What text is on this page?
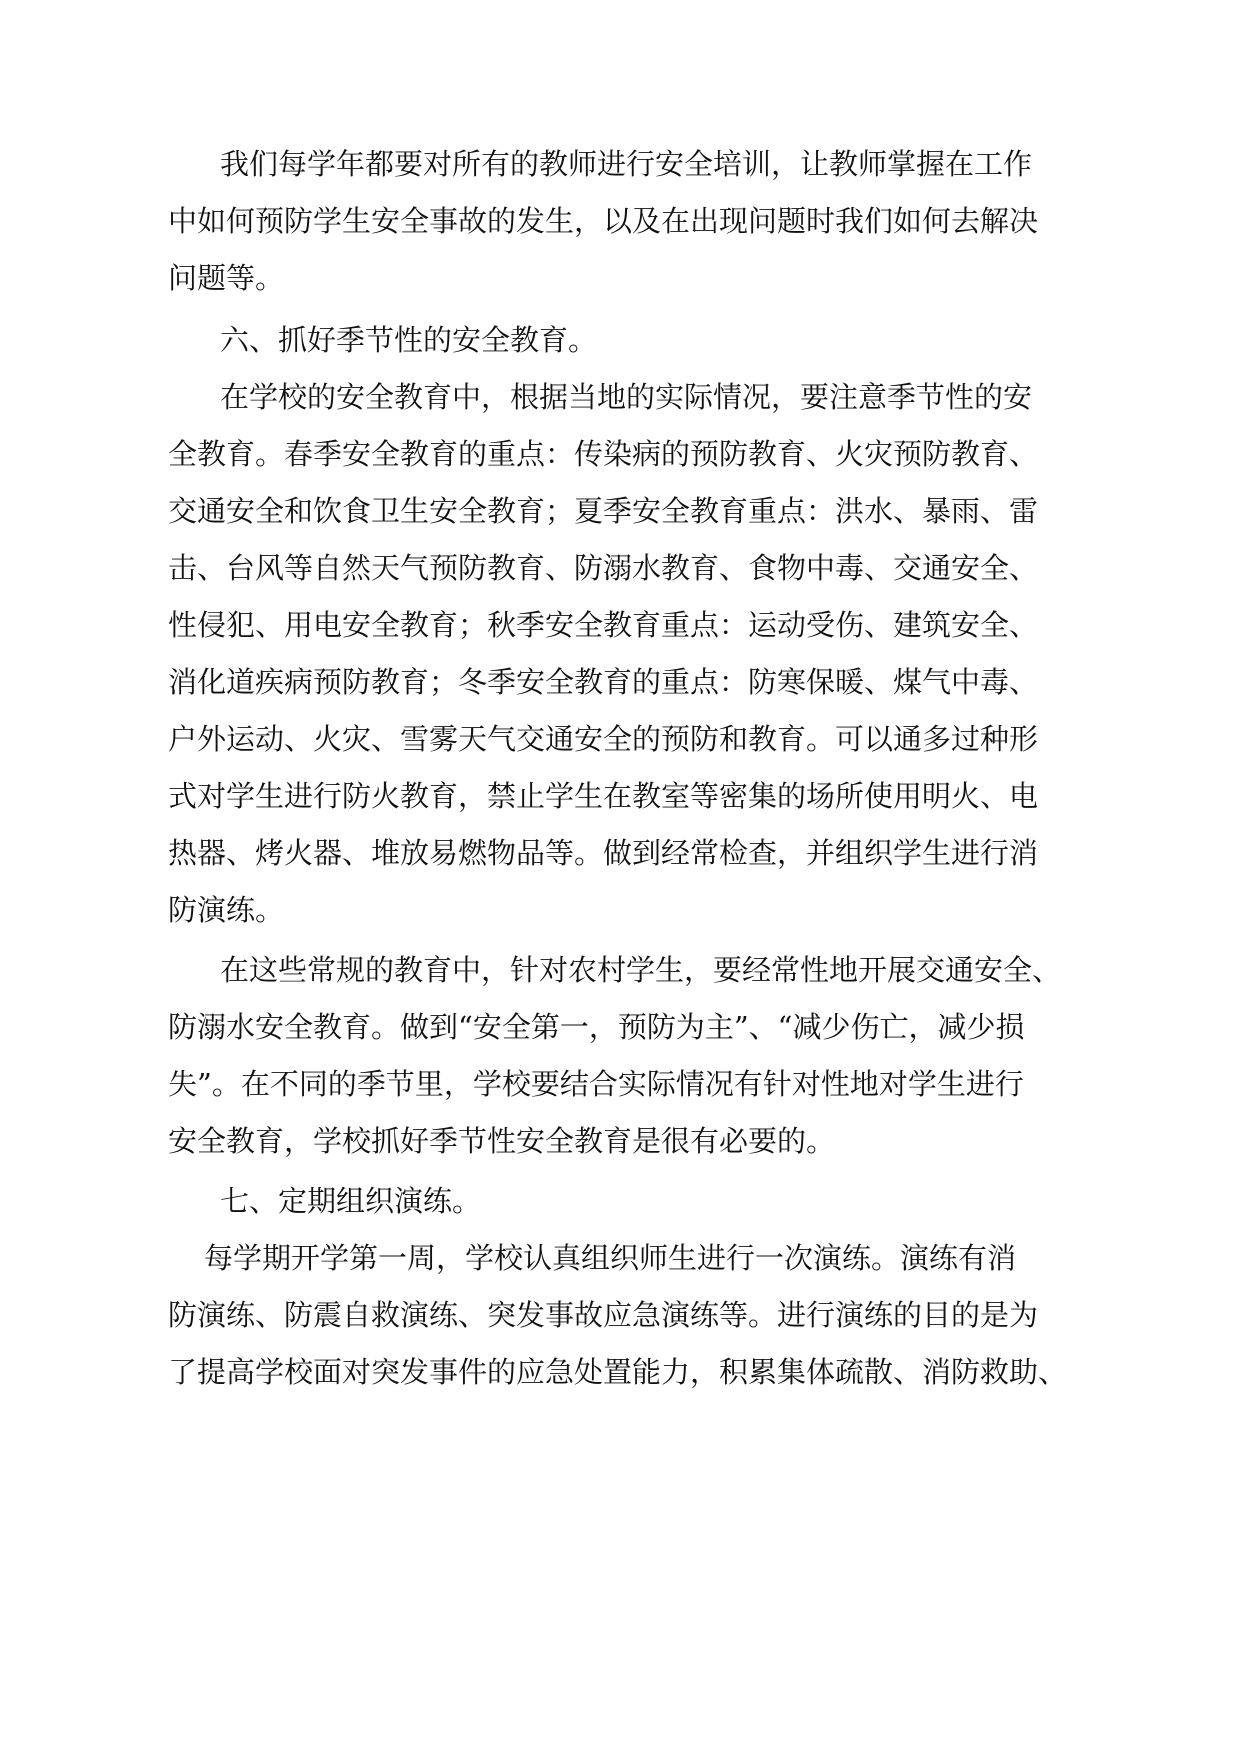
我们每学年都要对所有的教师进行安全培训，让教师掌握在工作
中如何预防学生安全事故的发生，以及在出现问题时我们如何去解决
问题等。
六、抓好季节性的安全教育。
在学校的安全教育中，根据当地的实际情况，要注意季节性的安
全教育。春季安全教育的重点：传染病的预防教育、火灾预防教育、
交通安全和饮食卫生安全教育；夏季安全教育重点：洪水、暴雨、雷
击、台风等自然天气预防教育、防溺水教育、食物中毒、交通安全、
性侵犯、用电安全教育；秋季安全教育重点：运动受伤、建筑安全、
消化道疾病预防教育；冬季安全教育的重点：防寒保暖、煤气中毒、
户外运动、火灾、雪雾天气交通安全的预防和教育。可以通多过种形
式对学生进行防火教育，禁止学生在教室等密集的场所使用明火、电
热器、烤火器、堆放易燃物品等。做到经常检查，并组织学生进行消
防演练。
在这些常规的教育中，针对农村学生，要经常性地开展交通安全、
防溺水安全教育。做到“安全第一，预防为主”、“减少伤亡，减少损
失”。在不同的季节里，学校要结合实际情况有针对性地对学生进行
安全教育，学校抓好季节性安全教育是很有必要的。
七、定期组织演练。
每学期开学第一周，学校认真组织师生进行一次演练。演练有消
防演练、防震自救演练、突发事故应急演练等。进行演练的目的是为
了提高学校面对突发事件的应急处置能力，积累集体疏散、消防救助、
